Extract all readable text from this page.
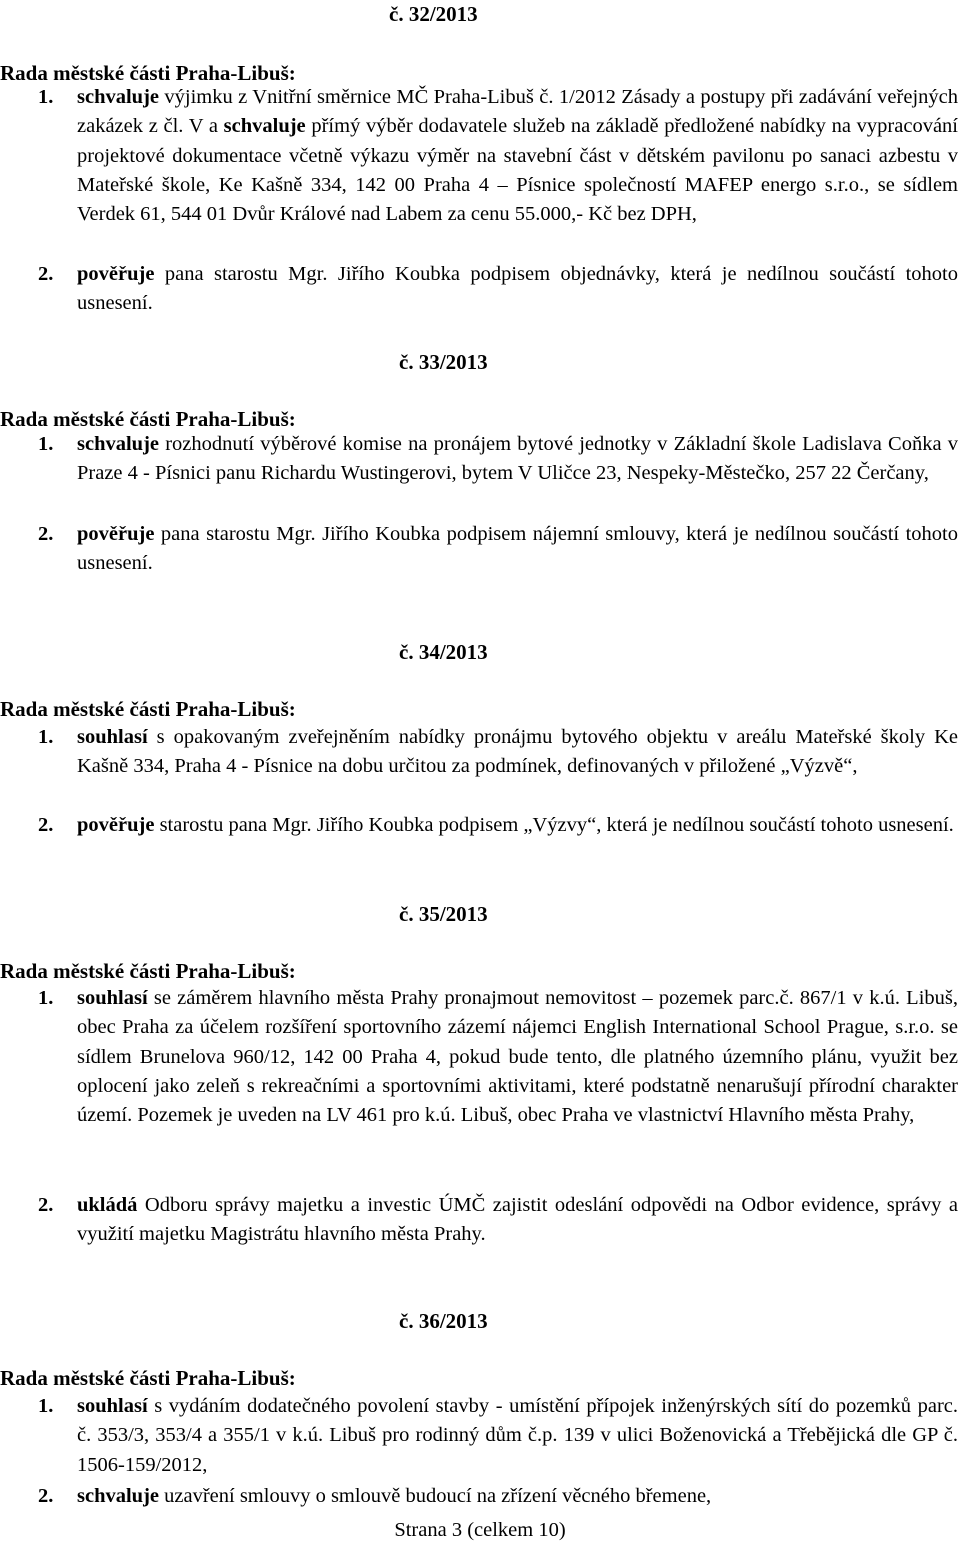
č. 32/2013
Rada městské části Praha-Libuš:
1. schvaluje výjimku z Vnitřní směrnice MČ Praha-Libuš č. 1/2012 Zásady a postupy při zadávání veřejných zakázek z čl. V a schvaluje přímý výběr dodavatele služeb na základě předložené nabídky na vypracování projektové dokumentace včetně výkazu výměr na stavební část v dětském pavilonu po sanaci azbestu v Mateřské škole, Ke Kašně 334, 142 00 Praha 4 – Písnice společností MAFEP energo s.r.o., se sídlem Verdek 61, 544 01 Dvůr Králové nad Labem za cenu 55.000,- Kč bez DPH,
2. pověřuje pana starostu Mgr. Jiřího Koubka podpisem objednávky, která je nedílnou součástí tohoto usnesení.
č. 33/2013
Rada městské části Praha-Libuš:
1. schvaluje rozhodnutí výběrové komise na pronájem bytové jednotky v Základní škole Ladislava Coňka v Praze 4 - Písnici panu Richardu Wustingerovi, bytem V Uličce 23, Nespeky-Městečko, 257 22 Čerčany,
2. pověřuje pana starostu Mgr. Jiřího Koubka podpisem nájemní smlouvy, která je nedílnou součástí tohoto usnesení.
č. 34/2013
Rada městské části Praha-Libuš:
1. souhlasí s opakovaným zveřejněním nabídky pronájmu bytového objektu v areálu Mateřské školy Ke Kašně 334, Praha 4 - Písnice na dobu určitou za podmínek, definovaných v přiložené „Výzvě“,
2. pověřuje starostu pana Mgr. Jiřího Koubka podpisem „Výzvy“, která je nedílnou součástí tohoto usnesení.
č. 35/2013
Rada městské části Praha-Libuš:
1. souhlasí se záměrem hlavního města Prahy pronajmout nemovitost – pozemek parc.č. 867/1 v k.ú. Libuš, obec Praha za účelem rozšíření sportovního zázemí nájemci English International School Prague, s.r.o. se sídlem Brunelova 960/12, 142 00 Praha 4, pokud bude tento, dle platného územního plánu, využit bez oplocení jako zeleň s rekreačními a sportovními aktivitami, které podstatně nenarušují přírodní charakter území. Pozemek je uveden na LV 461 pro k.ú. Libuš, obec Praha ve vlastnictví Hlavního města Prahy,
2. ukládá Odboru správy majetku a investic ÚMČ zajistit odeslání odpovědi na Odbor evidence, správy a využití majetku Magistrátu hlavního města Prahy.
č. 36/2013
Rada městské části Praha-Libuš:
1. souhlasí s vydáním dodatečného povolení stavby - umístění přípojek inženýrských sítí do pozemků parc. č. 353/3, 353/4 a 355/1 v k.ú. Libuš pro rodinný dům č.p. 139 v ulici Boženovická a Třebějická dle GP č. 1506-159/2012,
2. schvaluje uzavření smlouvy o smlouvě budoucí na zřízení věcného břemene,
Strana 3 (celkem 10)
